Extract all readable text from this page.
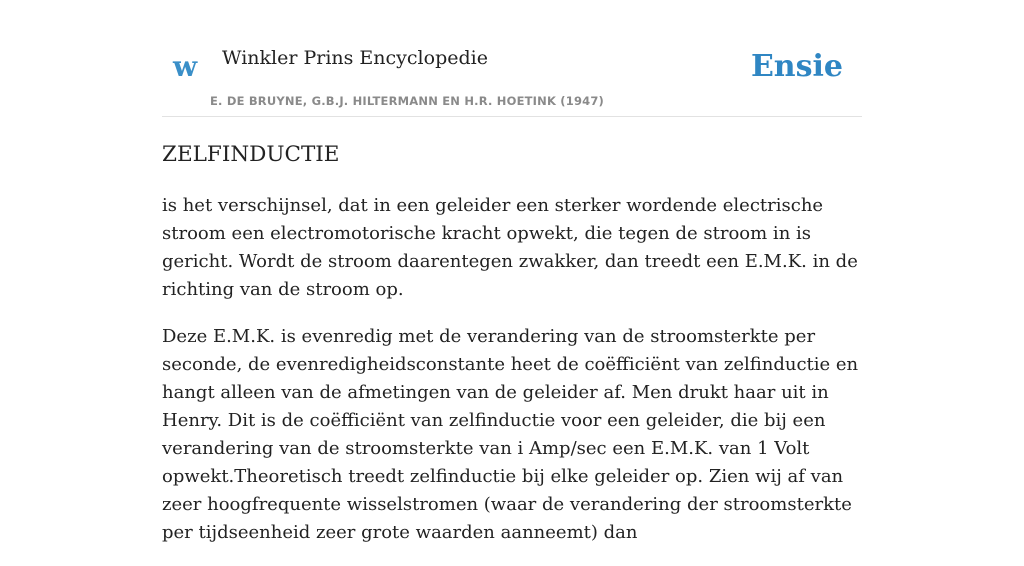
w Winkler Prins Encyclopedie
E. DE BRUYNE, G.B.J. HILTERMANN EN H.R. HOETINK (1947)
Ensie
ZELFINDUCTIE

is het verschijnsel, dat in een geleider een sterker wordende electrische stroom een electromotorische kracht opwekt, die tegen de stroom in is gericht. Wordt de stroom daarentegen zwakker, dan treedt een E.M.K. in de richting van de stroom op.

Deze E.M.K. is evenredig met de verandering van de stroomsterkte per seconde, de evenredigheidsconstante heet de coëfficiënt van zelfinductie en hangt alleen van de afmetingen van de geleider af. Men drukt haar uit in Henry. Dit is de coëfficiënt van zelfinductie voor een geleider, die bij een verandering van de stroomsterkte van i Amp/sec een E.M.K. van 1 Volt opwekt.Theoretisch treedt zelfinductie bij elke geleider op. Zien wij af van zeer hoogfrequente wisselstromen (waar de verandering der stroomsterkte per tijdseenheid zeer grote waarden aanneemt) dan
